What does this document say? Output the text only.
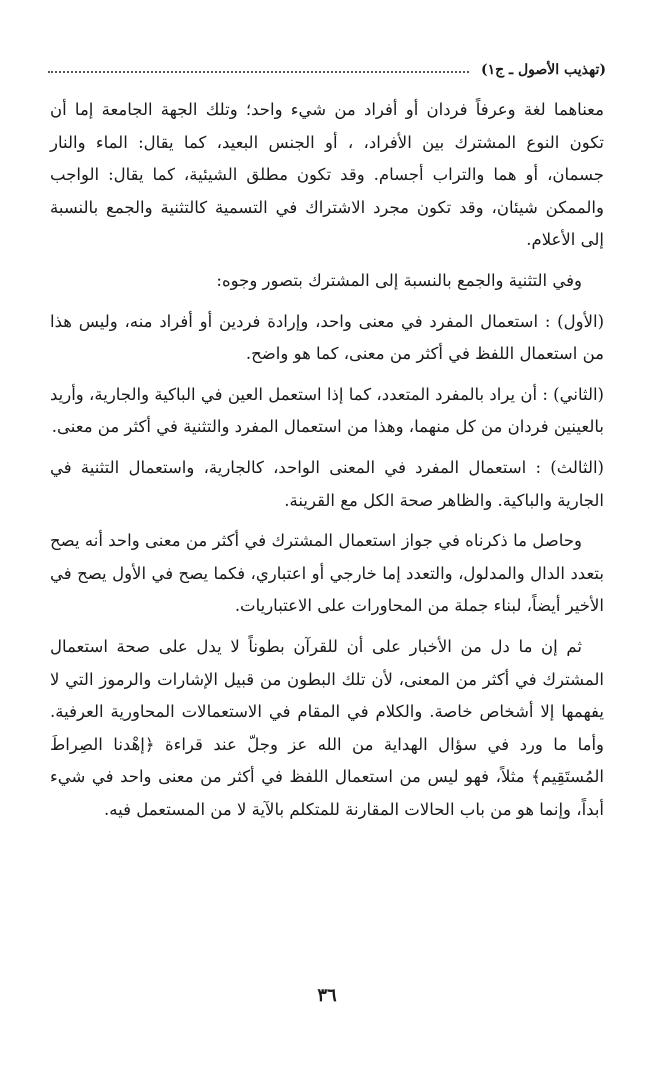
(تهذيب الأصول ـ ج١)

معناهما لغة وعرفاً فردان أو أفراد من شيء واحد؛ وتلك الجهة الجامعة إما أن تكون النوع المشترك بين الأفراد، ، أو الجنس البعيد، كما يقال: الماء والنار جسمان، أو هما والتراب أجسام. وقد تكون مطلق الشيئية، كما يقال: الواجب والممكن شيئان، وقد تكون مجرد الاشتراك في التسمية كالتثنية والجمع بالنسبة إلى الأعلام.

وفي التثنية والجمع بالنسبة إلى المشترك بتصور وجوه:

(الأول) : استعمال المفرد في معنى واحد، وإرادة فردين أو أفراد منه، وليس هذا من استعمال اللفظ في أكثر من معنى، كما هو واضح.

(الثاني) : أن يراد بالمفرد المتعدد، كما إذا استعمل العين في الباكية والجارية، وأريد بالعينين فردان من كل منهما، وهذا من استعمال المفرد والتثنية في أكثر من معنى.

(الثالث) : استعمال المفرد في المعنى الواحد، كالجارية، واستعمال التثنية في الجارية والباكية. والظاهر صحة الكل مع القرينة.

وحاصل ما ذكرناه في جواز استعمال المشترك في أكثر من معنى واحد أنه يصح بتعدد الدال والمدلول، والتعدد إما خارجي أو اعتباري، فكما يصح في الأول يصح في الأخير أيضاً، لبناء جملة من المحاورات على الاعتباريات.

ثم إن ما دل من الأخبار على أن للقرآن بطوناً لا يدل على صحة استعمال المشترك في أكثر من المعنى، لأن تلك البطون من قبيل الإشارات والرموز التي لا يفهمها إلا أشخاص خاصة. والكلام في المقام في الاستعمالات المحاورية العرفية. وأما ما ورد في سؤال الهداية من الله عز وجلّ عند قراءة ﴿إهْدنا الصِراطَ المُستَقِيم﴾ مثلاً، فهو ليس من استعمال اللفظ في أكثر من معنى واحد في شيء أبداً، وإنما هو من باب الحالات المقارنة للمتكلم بالآية لا من المستعمل فيه.

٣٦
